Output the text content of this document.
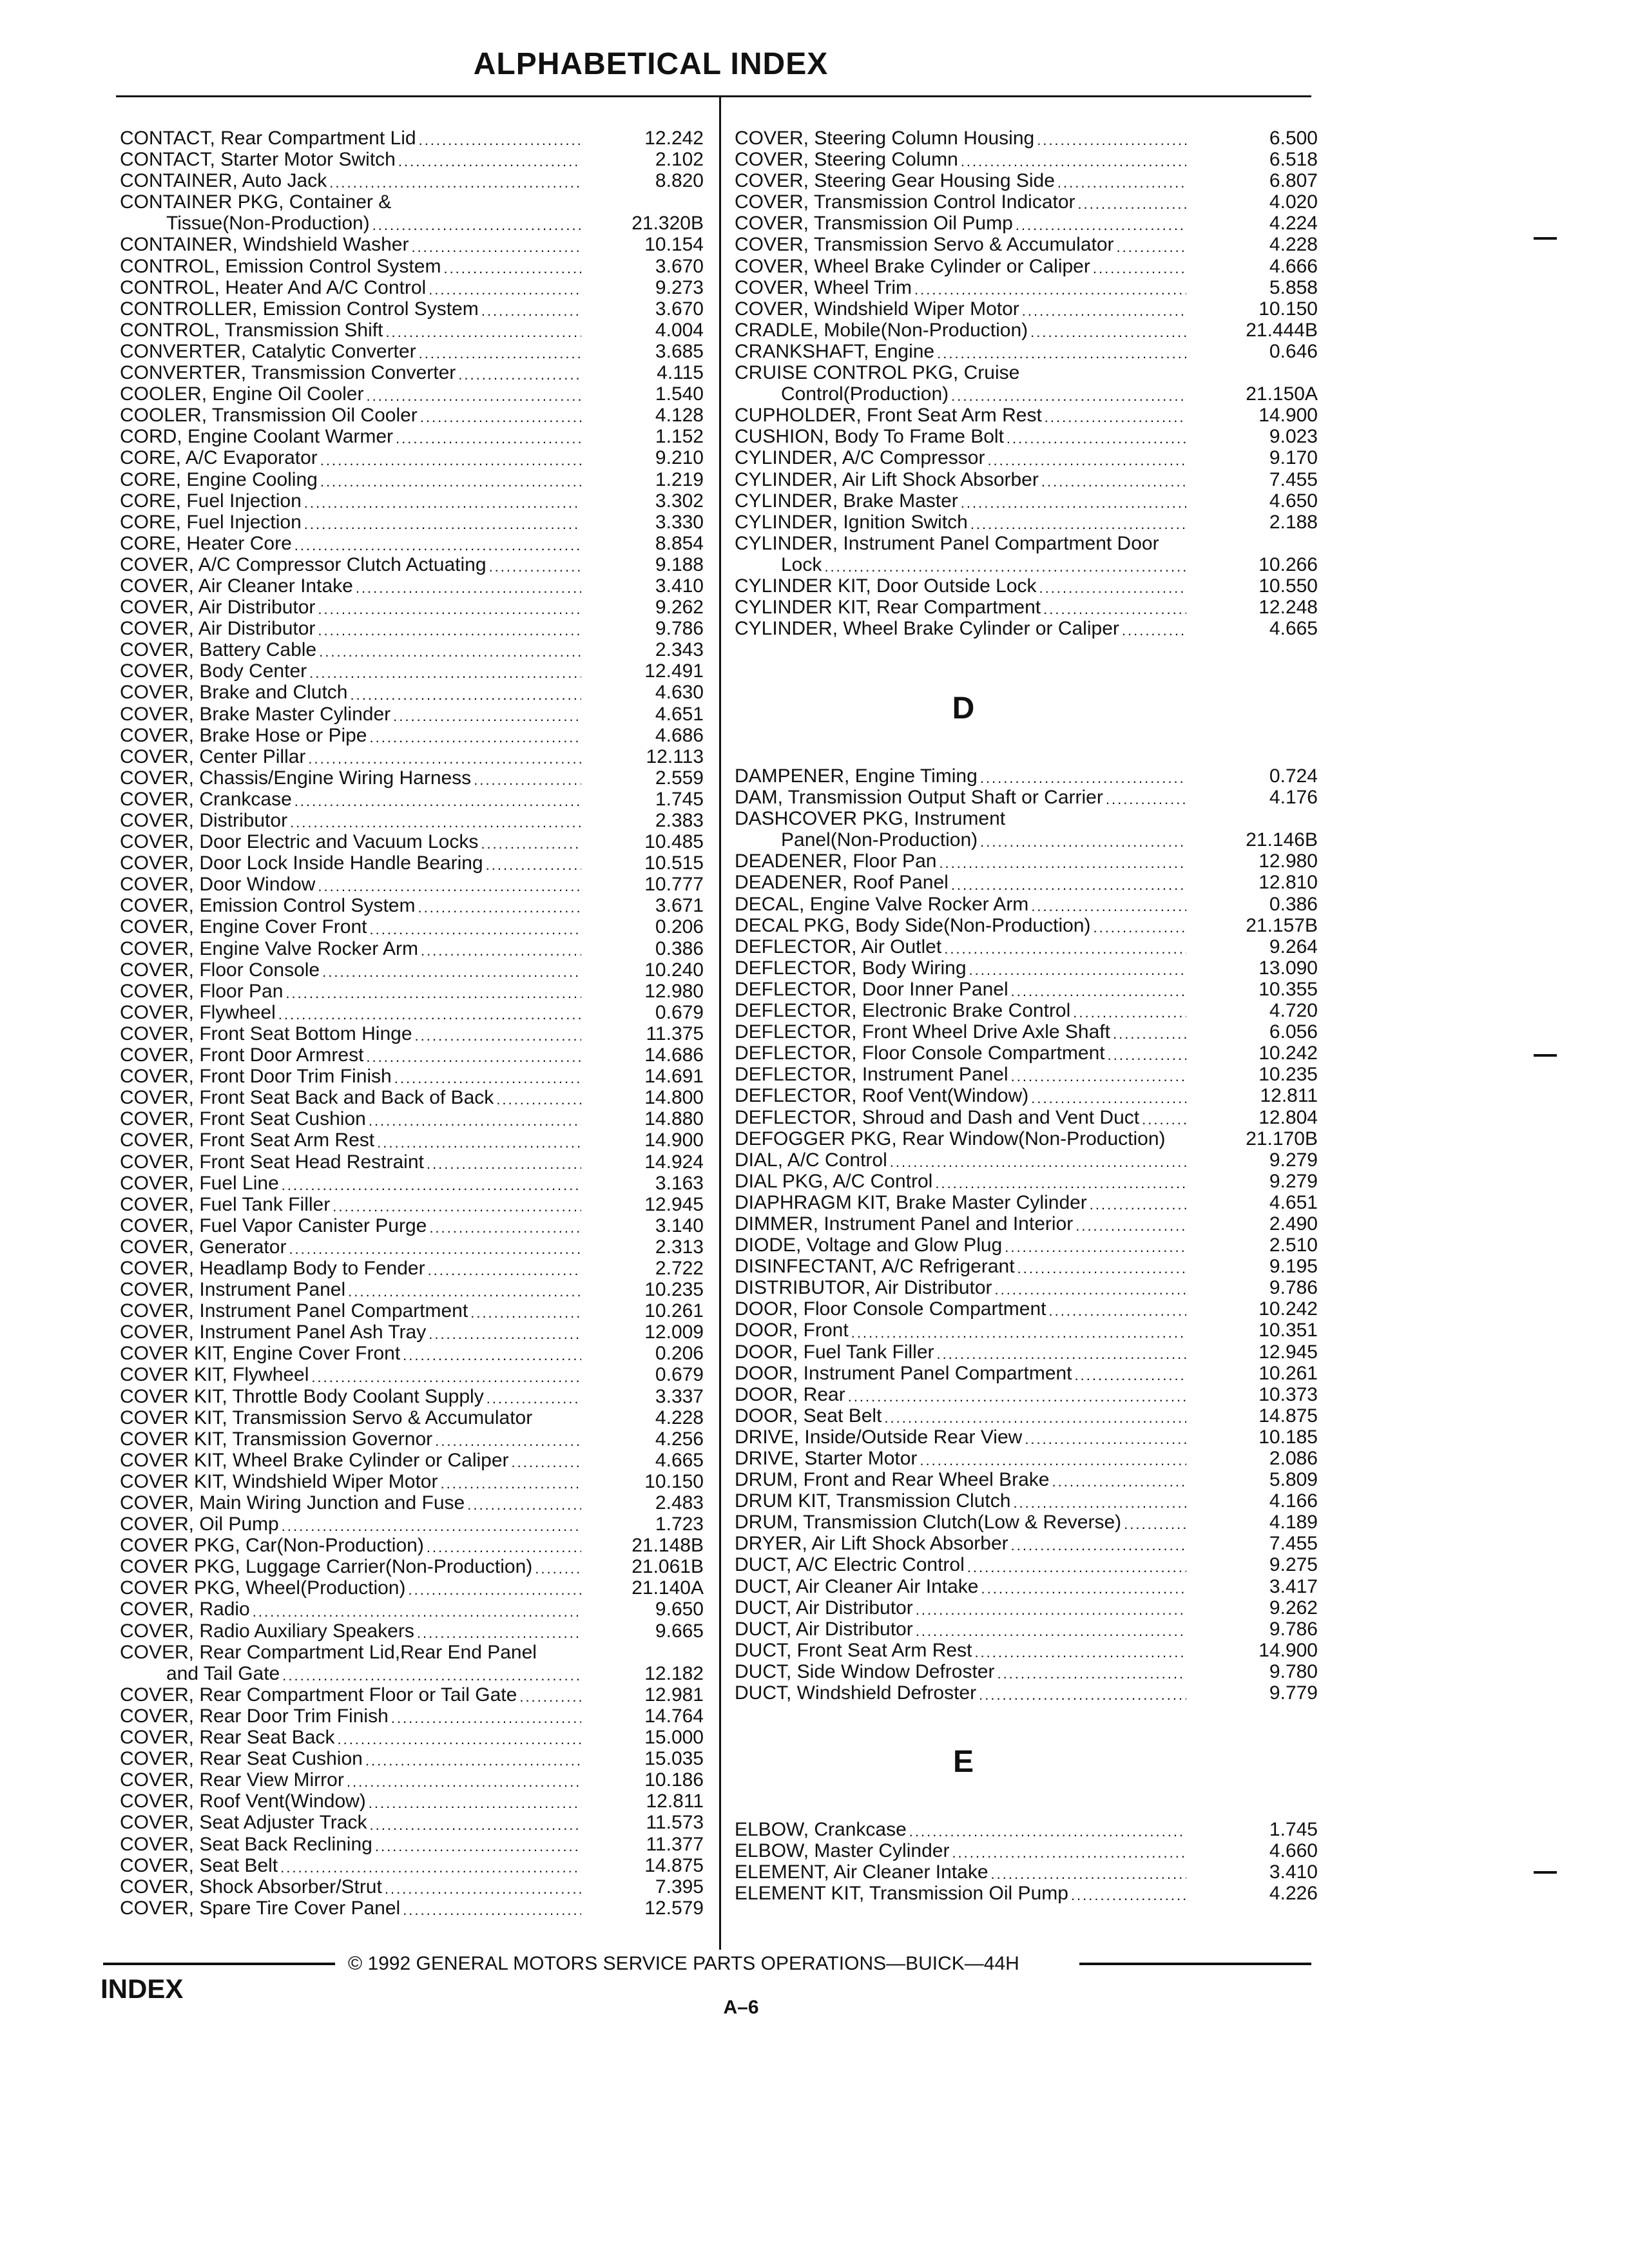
ALPHABETICAL INDEX
CONTACT, Rear Compartment Lid .....	12.242
CONTACT, Starter Motor Switch .....	2.102
CONTAINER, Auto Jack .....	8.820
CONTAINER PKG, Container &
Tissue(Non-Production) .....	21.320B
CONTAINER, Windshield Washer .....	10.154
CONTROL, Emission Control System .....	3.670
CONTROL, Heater And A/C Control .....	9.273
CONTROLLER, Emission Control System .....	3.670
CONTROL, Transmission Shift .....	4.004
CONVERTER, Catalytic Converter .....	3.685
CONVERTER, Transmission Converter .....	4.115
COOLER, Engine Oil Cooler .....	1.540
COOLER, Transmission Oil Cooler .....	4.128
CORD, Engine Coolant Warmer .....	1.152
CORE, A/C Evaporator .....	9.210
CORE, Engine Cooling .....	1.219
CORE, Fuel Injection .....	3.302
CORE, Fuel Injection .....	3.330
CORE, Heater Core .....	8.854
COVER, A/C Compressor Clutch Actuating .....	9.188
COVER, Air Cleaner Intake .....	3.410
COVER, Air Distributor .....	9.262
COVER, Air Distributor .....	9.786
COVER, Battery Cable .....	2.343
COVER, Body Center .....	12.491
COVER, Brake and Clutch .....	4.630
COVER, Brake Master Cylinder .....	4.651
COVER, Brake Hose or Pipe .....	4.686
COVER, Center Pillar .....	12.113
COVER, Chassis/Engine Wiring Harness .....	2.559
COVER, Crankcase .....	1.745
COVER, Distributor .....	2.383
COVER, Door Electric and Vacuum Locks .....	10.485
COVER, Door Lock Inside Handle Bearing .....	10.515
COVER, Door Window .....	10.777
COVER, Emission Control System .....	3.671
COVER, Engine Cover Front .....	0.206
COVER, Engine Valve Rocker Arm .....	0.386
COVER, Floor Console .....	10.240
COVER, Floor Pan .....	12.980
COVER, Flywheel .....	0.679
COVER, Front Seat Bottom Hinge .....	11.375
COVER, Front Door Armrest .....	14.686
COVER, Front Door Trim Finish .....	14.691
COVER, Front Seat Back and Back of Back .....	14.800
COVER, Front Seat Cushion .....	14.880
COVER, Front Seat Arm Rest .....	14.900
COVER, Front Seat Head Restraint .....	14.924
COVER, Fuel Line .....	3.163
COVER, Fuel Tank Filler .....	12.945
COVER, Fuel Vapor Canister Purge .....	3.140
COVER, Generator .....	2.313
COVER, Headlamp Body to Fender .....	2.722
COVER, Instrument Panel .....	10.235
COVER, Instrument Panel Compartment .....	10.261
COVER, Instrument Panel Ash Tray .....	12.009
COVER KIT, Engine Cover Front .....	0.206
COVER KIT, Flywheel .....	0.679
COVER KIT, Throttle Body Coolant Supply .....	3.337
COVER KIT, Transmission Servo & Accumulator	4.228
COVER KIT, Transmission Governor .....	4.256
COVER KIT, Wheel Brake Cylinder or Caliper .....	4.665
COVER KIT, Windshield Wiper Motor .....	10.150
COVER, Main Wiring Junction and Fuse .....	2.483
COVER, Oil Pump .....	1.723
COVER PKG, Car(Non-Production) .....	21.148B
COVER PKG, Luggage Carrier(Non-Production) .....	21.061B
COVER PKG, Wheel(Production) .....	21.140A
COVER, Radio .....	9.650
COVER, Radio Auxiliary Speakers .....	9.665
COVER, Rear Compartment Lid,Rear End Panel
and Tail Gate .....	12.182
COVER, Rear Compartment Floor or Tail Gate .....	12.981
COVER, Rear Door Trim Finish .....	14.764
COVER, Rear Seat Back .....	15.000
COVER, Rear Seat Cushion .....	15.035
COVER, Rear View Mirror .....	10.186
COVER, Roof Vent(Window) .....	12.811
COVER, Seat Adjuster Track .....	11.573
COVER, Seat Back Reclining .....	11.377
COVER, Seat Belt .....	14.875
COVER, Shock Absorber/Strut .....	7.395
COVER, Spare Tire Cover Panel .....	12.579
COVER, Steering Column Housing .....	6.500
COVER, Steering Column .....	6.518
COVER, Steering Gear Housing Side .....	6.807
COVER, Transmission Control Indicator .....	4.020
COVER, Transmission Oil Pump .....	4.224
COVER, Transmission Servo & Accumulator .....	4.228
COVER, Wheel Brake Cylinder or Caliper .....	4.666
COVER, Wheel Trim .....	5.858
COVER, Windshield Wiper Motor .....	10.150
CRADLE, Mobile(Non-Production) .....	21.444B
CRANKSHAFT, Engine .....	0.646
CRUISE CONTROL PKG, Cruise
Control(Production) .....	21.150A
CUPHOLDER, Front Seat Arm Rest .....	14.900
CUSHION, Body To Frame Bolt .....	9.023
CYLINDER, A/C Compressor .....	9.170
CYLINDER, Air Lift Shock Absorber .....	7.455
CYLINDER, Brake Master .....	4.650
CYLINDER, Ignition Switch .....	2.188
CYLINDER, Instrument Panel Compartment Door
Lock .....	10.266
CYLINDER KIT, Door Outside Lock .....	10.550
CYLINDER KIT, Rear Compartment .....	12.248
CYLINDER, Wheel Brake Cylinder or Caliper .....	4.665
D
DAMPENER, Engine Timing .....	0.724
DAM, Transmission Output Shaft or Carrier .....	4.176
DASHCOVER PKG, Instrument
Panel(Non-Production) .....	21.146B
DEADENER, Floor Pan .....	12.980
DEADENER, Roof Panel .....	12.810
DECAL, Engine Valve Rocker Arm .....	0.386
DECAL PKG, Body Side(Non-Production) .....	21.157B
DEFLECTOR, Air Outlet .....	9.264
DEFLECTOR, Body Wiring .....	13.090
DEFLECTOR, Door Inner Panel .....	10.355
DEFLECTOR, Electronic Brake Control .....	4.720
DEFLECTOR, Front Wheel Drive Axle Shaft .....	6.056
DEFLECTOR, Floor Console Compartment .....	10.242
DEFLECTOR, Instrument Panel .....	10.235
DEFLECTOR, Roof Vent(Window) .....	12.811
DEFLECTOR, Shroud and Dash and Vent Duct .....	12.804
DEFOGGER PKG, Rear Window(Non-Production)	21.170B
DIAL, A/C Control .....	9.279
DIAL PKG, A/C Control .....	9.279
DIAPHRAGM KIT, Brake Master Cylinder .....	4.651
DIMMER, Instrument Panel and Interior .....	2.490
DIODE, Voltage and Glow Plug .....	2.510
DISINFECTANT, A/C Refrigerant .....	9.195
DISTRIBUTOR, Air Distributor .....	9.786
DOOR, Floor Console Compartment .....	10.242
DOOR, Front .....	10.351
DOOR, Fuel Tank Filler .....	12.945
DOOR, Instrument Panel Compartment .....	10.261
DOOR, Rear .....	10.373
DOOR, Seat Belt .....	14.875
DRIVE, Inside/Outside Rear View .....	10.185
DRIVE, Starter Motor .....	2.086
DRUM, Front and Rear Wheel Brake .....	5.809
DRUM KIT, Transmission Clutch .....	4.166
DRUM, Transmission Clutch(Low & Reverse) .....	4.189
DRYER, Air Lift Shock Absorber .....	7.455
DUCT, A/C Electric Control .....	9.275
DUCT, Air Cleaner Air Intake .....	3.417
DUCT, Air Distributor .....	9.262
DUCT, Air Distributor .....	9.786
DUCT, Front Seat Arm Rest .....	14.900
DUCT, Side Window Defroster .....	9.780
DUCT, Windshield Defroster .....	9.779
E
ELBOW, Crankcase .....	1.745
ELBOW, Master Cylinder .....	4.660
ELEMENT, Air Cleaner Intake .....	3.410
ELEMENT KIT, Transmission Oil Pump .....	4.226
© 1992 GENERAL MOTORS SERVICE PARTS OPERATIONS—BUICK—44H
INDEX
A–6
